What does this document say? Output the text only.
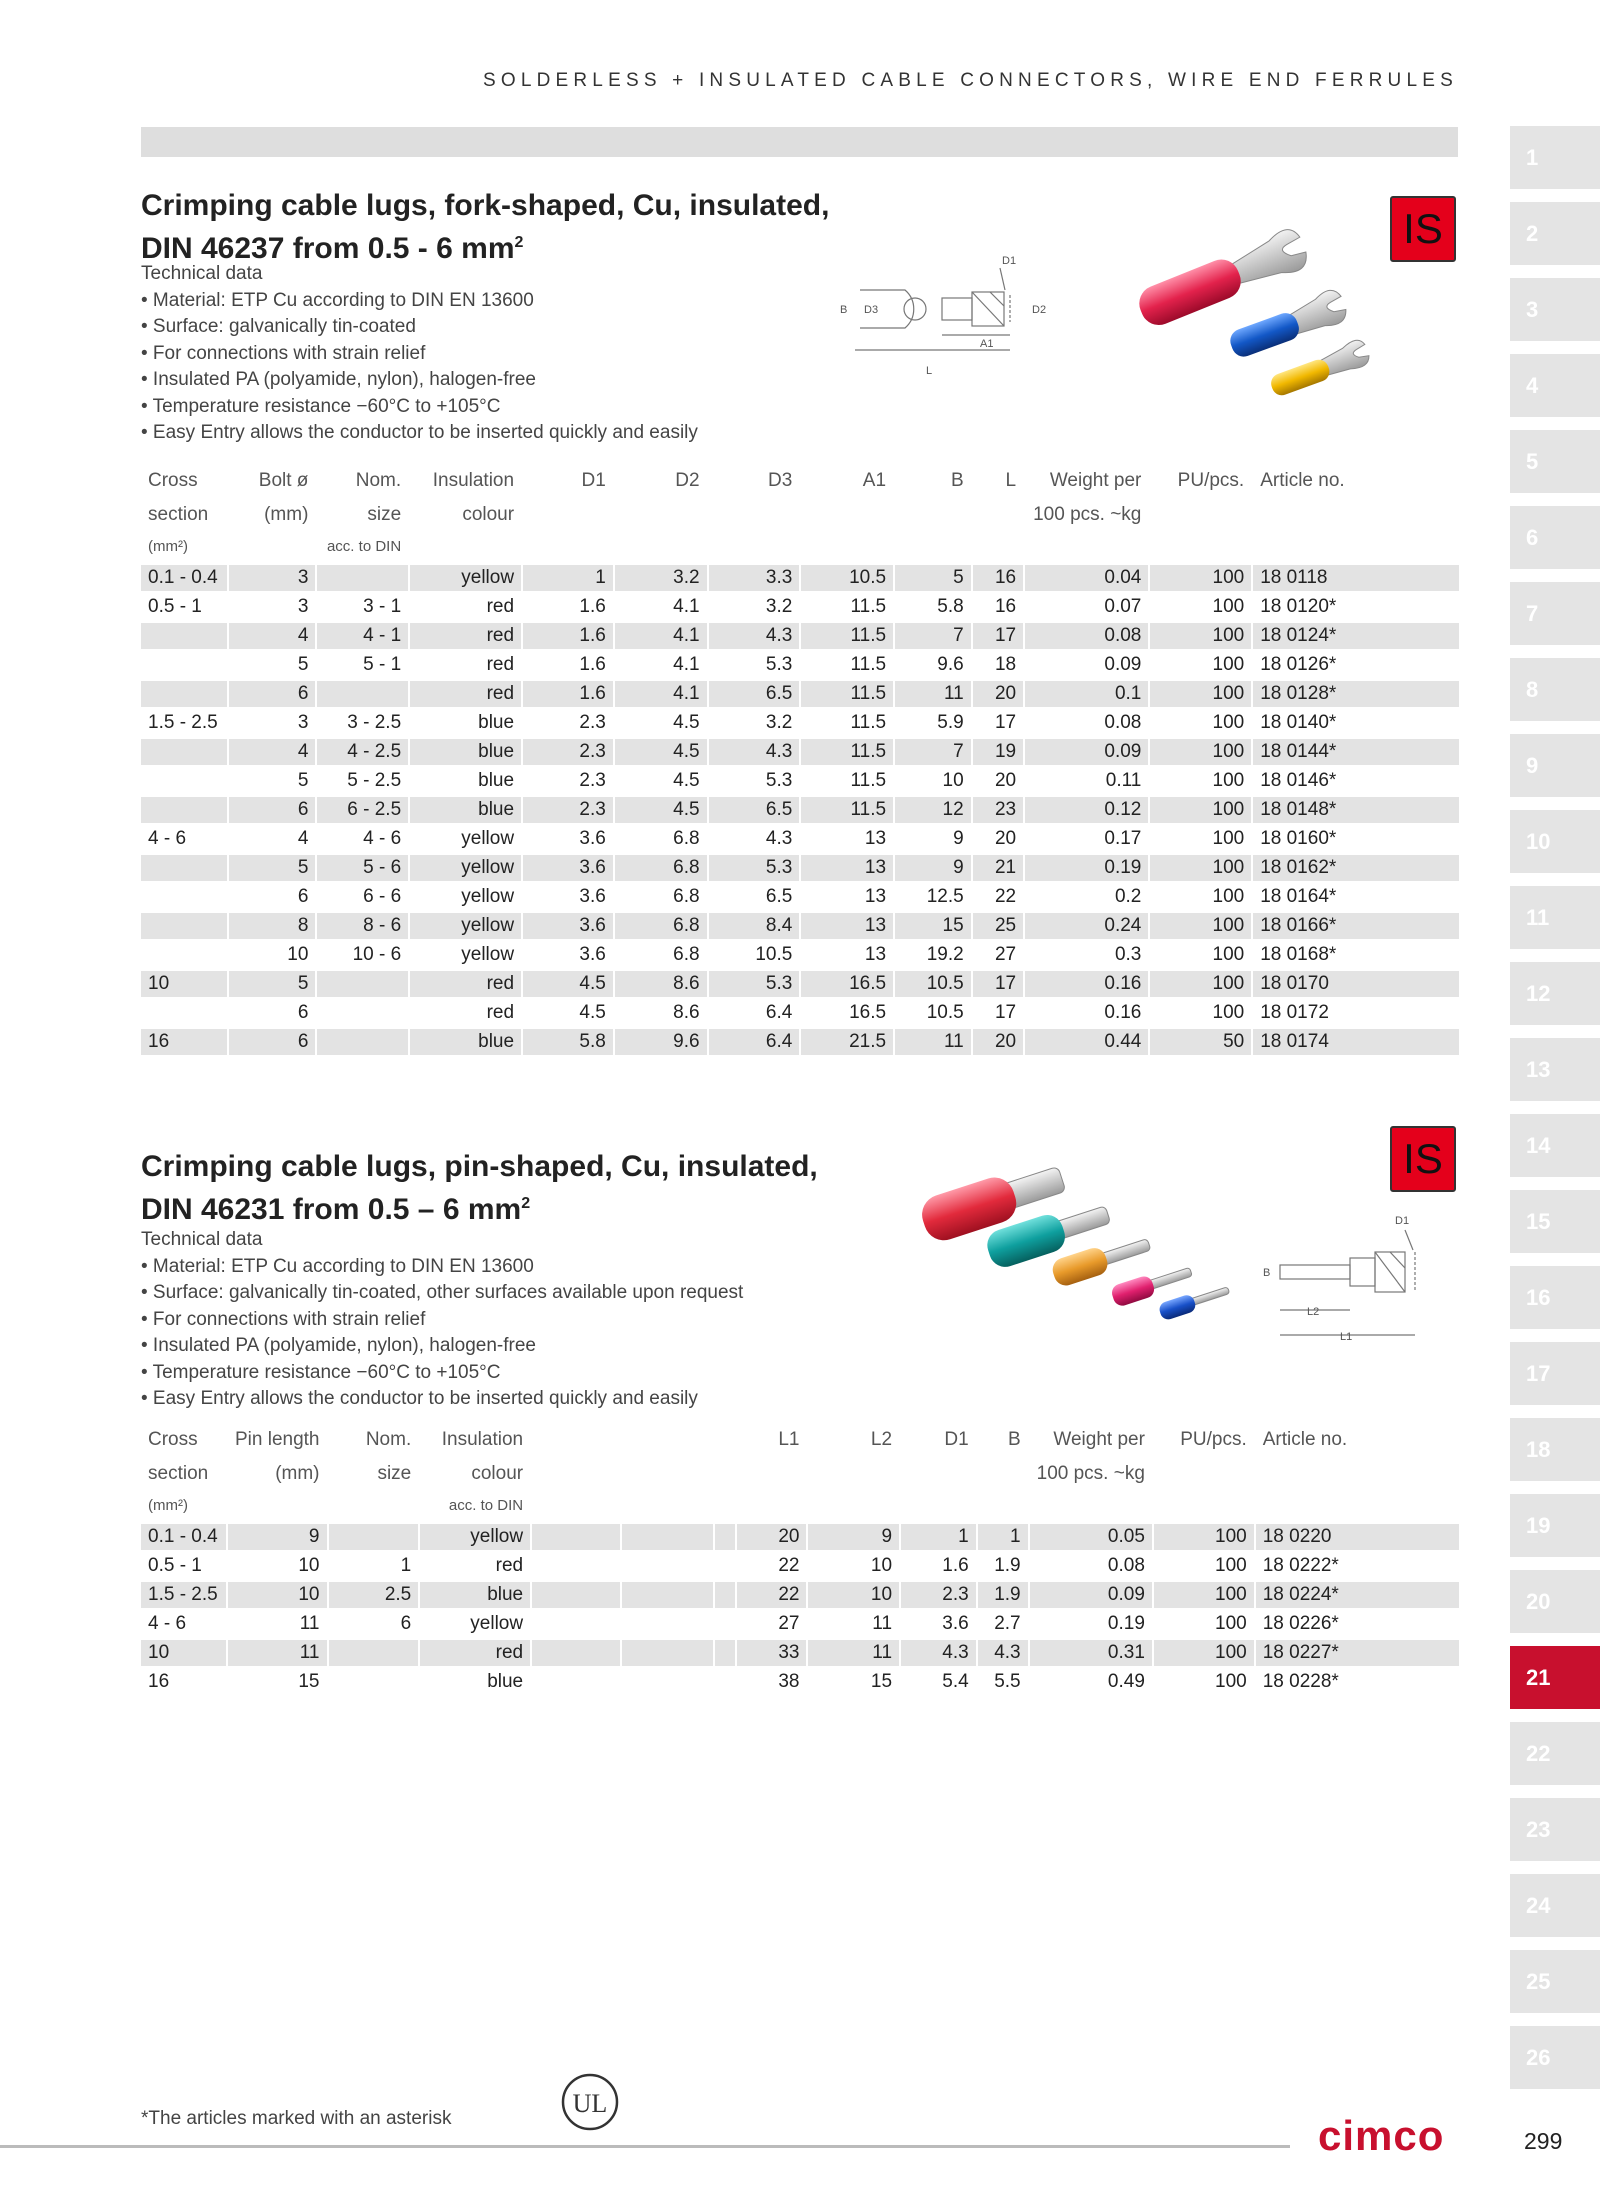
SOLDERLESS + INSULATED CABLE CONNECTORS, WIRE END FERRULES
1
2
3
4
5
6
7
8
9
10
11
12
13
14
15
16
17
18
19
20
21
22
23
24
25
26
Crimping cable lugs, fork-shaped, Cu, insulated,
DIN 46237 from 0.5 - 6 $mm^2$	IS
Technical data
• Material: ETP Cu according to DIN EN 13600
• Surface: galvanically tin-coated
• For connections with strain relief
• Insulated PA (polyamide, nylon), halogen-free
• Temperature resistance −60°C to +105°C
• Easy Entry allows the conductor to be inserted quickly and easily
D1
D2
D3
B
A1
L
Cross	Bolt ø	Nom.	Insulation	D1	D2	D3	A1	B	L	Weight per	PU/pcs.	Article no.
section	(mm)	size	colour							100 pcs. ~kg		
(mm²)		acc. to DIN										
0.1 - 0.4	3		yellow	1	3.2	3.3	10.5	5	16	0.04	100	18 0118
0.5 - 1	3	3 - 1	red	1.6	4.1	3.2	11.5	5.8	16	0.07	100	18 0120*
	4	4 - 1	red	1.6	4.1	4.3	11.5	7	17	0.08	100	18 0124*
	5	5 - 1	red	1.6	4.1	5.3	11.5	9.6	18	0.09	100	18 0126*
	6		red	1.6	4.1	6.5	11.5	11	20	0.1	100	18 0128*
1.5 - 2.5	3	3 - 2.5	blue	2.3	4.5	3.2	11.5	5.9	17	0.08	100	18 0140*
	4	4 - 2.5	blue	2.3	4.5	4.3	11.5	7	19	0.09	100	18 0144*
	5	5 - 2.5	blue	2.3	4.5	5.3	11.5	10	20	0.11	100	18 0146*
	6	6 - 2.5	blue	2.3	4.5	6.5	11.5	12	23	0.12	100	18 0148*
4 - 6	4	4 - 6	yellow	3.6	6.8	4.3	13	9	20	0.17	100	18 0160*
	5	5 - 6	yellow	3.6	6.8	5.3	13	9	21	0.19	100	18 0162*
	6	6 - 6	yellow	3.6	6.8	6.5	13	12.5	22	0.2	100	18 0164*
	8	8 - 6	yellow	3.6	6.8	8.4	13	15	25	0.24	100	18 0166*
	10	10 - 6	yellow	3.6	6.8	10.5	13	19.2	27	0.3	100	18 0168*
10	5		red	4.5	8.6	5.3	16.5	10.5	17	0.16	100	18 0170
	6		red	4.5	8.6	6.4	16.5	10.5	17	0.16	100	18 0172
16	6		blue	5.8	9.6	6.4	21.5	11	20	0.44	50	18 0174
Crimping cable lugs, pin-shaped, Cu, insulated,
DIN 46231 from 0.5 – 6 $mm^2$
IS
Technical data
• Material: ETP Cu according to DIN EN 13600
• Surface: galvanically tin-coated, other surfaces available upon request
• For connections with strain relief
• Insulated PA (polyamide, nylon), halogen-free
• Temperature resistance −60°C to +105°C
• Easy Entry allows the conductor to be inserted quickly and easily
D1
B
L2
L1
Cross	Pin length	Nom.	Insulation				L1	L2	D1	B	Weight per	PU/pcs.	Article no.
section	(mm)	size	colour								100 pcs. ~kg		
(mm²)			acc. to DIN										
0.1 - 0.4	9		yellow				20	9	1	1	0.05	100	18 0220
0.5 - 1	10	1	red				22	10	1.6	1.9	0.08	100	18 0222*
1.5 - 2.5	10	2.5	blue				22	10	2.3	1.9	0.09	100	18 0224*
4 - 6	11	6	yellow				27	11	3.6	2.7	0.19	100	18 0226*
10	11		red				33	11	4.3	4.3	0.31	100	18 0227*
16	15		blue				38	15	5.4	5.5	0.49	100	18 0228*
*The articles marked with an asterisk
UL
cimco	299
